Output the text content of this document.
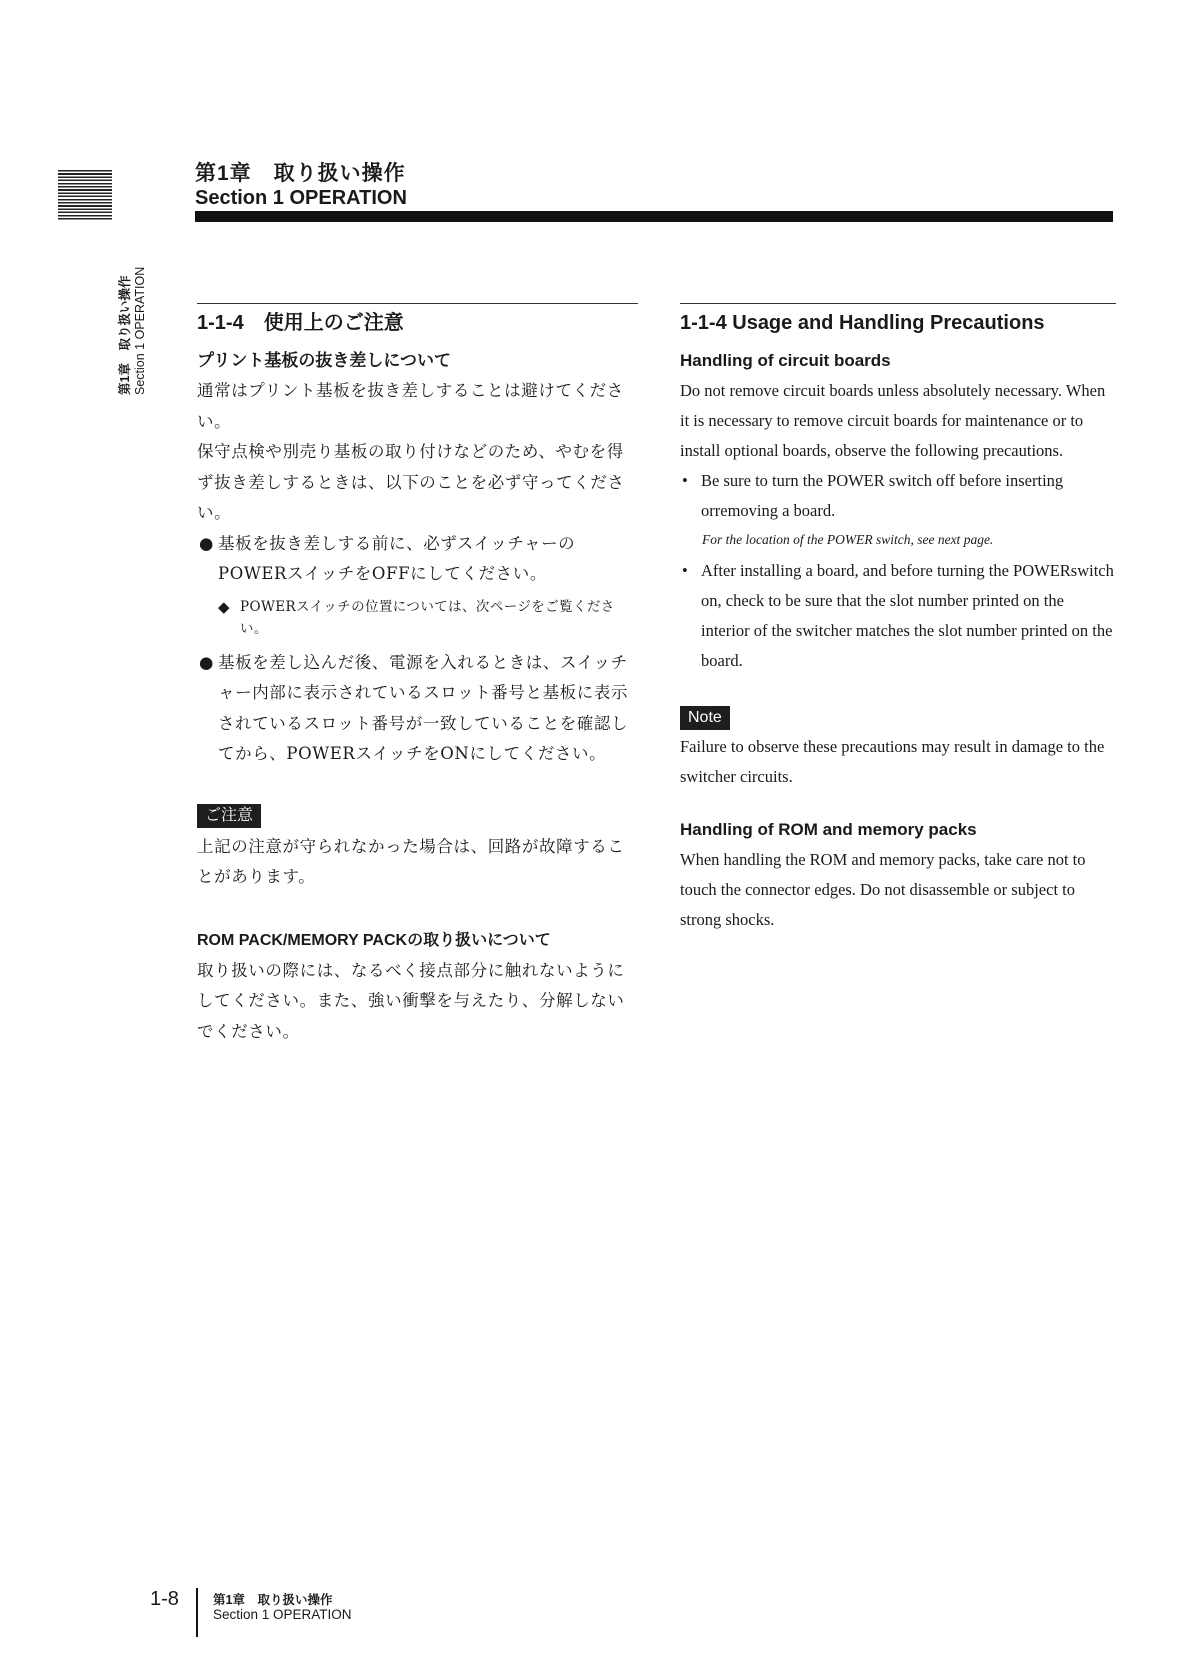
第1章　取り扱い操作 Section 1 OPERATION
第1章　取り扱い操作
Section 1 OPERATION
1-1-4　使用上のご注意
プリント基板の抜き差しについて

通常はプリント基板を抜き差しすることは避けてください。

保守点検や別売り基板の取り付けなどのため、やむを得ず抜き差しするときは、以下のことを必ず守ってください。

● 基板を抜き差しする前に、必ずスイッチャーのPOWERスイッチをOFFにしてください。
◆ POWERスイッチの位置については、次ページをご覧ください。
● 基板を差し込んだ後、電源を入れるときは、スイッチャー内部に表示されているスロット番号と基板に表示されているスロット番号が一致していることを確認してから、POWERスイッチをONにしてください。
ご注意

上記の注意が守られなかった場合は、回路が故障することがあります。

ROM PACK/MEMORY PACKの取り扱いについて

取り扱いの際には、なるべく接点部分に触れないようにしてください。また、強い衝撃を与えたり、分解しないでください。

1-1-4 Usage and Handling Precautions
Handling of circuit boards

Do not remove circuit boards unless absolutely necessary. When it is necessary to remove circuit boards for maintenance or to install optional boards, observe the following precautions.

• Be sure to turn the POWER switch off before inserting orremoving a board.

For the location of the POWER switch, see next page.

• After installing a board, and before turning the POWERswitch on, check to be sure that the slot number printed on the interior of the switcher matches the slot number printed on the board.
Note

Failure to observe these precautions may result in damage to the switcher circuits.

Handling of ROM and memory packs

When handling the ROM and memory packs, take care not to touch the connector edges. Do not disassemble or subject to strong shocks.

1-8	第1章　取り扱い操作
Section 1 OPERATION
